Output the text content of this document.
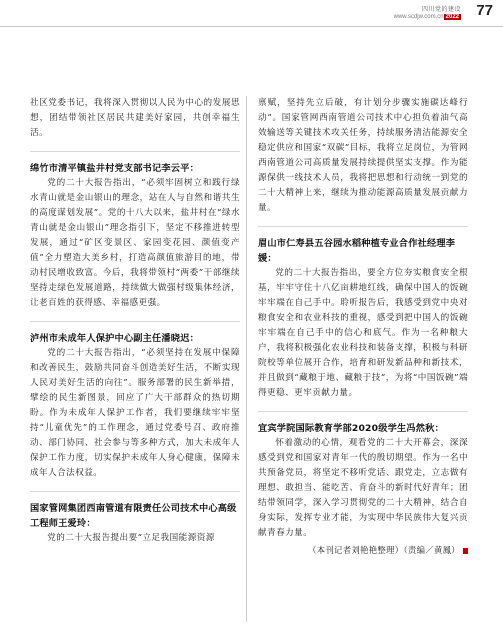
四川党的建设
www.scdjw.com.cn 2022 77

社区党委书记，我将深入贯彻以人民为中心的发展思想，团结带领社区居民共建美好家园，共创幸福生活。

绵竹市清平镇盐井村党支部书记李云平：

党的二十大报告指出，“必须牢固树立和践行绿水青山就是金山银山的理念，站在人与自然和谐共生的高度谋划发展”。党的十八大以来，盐井村在“绿水青山就是金山银山”理念指引下，坚定不移推进转型发展，通过“矿区变景区、家园变花园、颜值变产值”全力塑造大美乡村，打造高颜值旅游目的地，带动村民增收致富。今后，我将带领村“两委”干部继续坚持走绿色发展道路，持续做大做强村级集体经济，让老百姓的获得感、幸福感更强。

泸州市未成年人保护中心副主任潘晓迟：

党的二十大报告指出，“必须坚持在发展中保障和改善民生，鼓励共同奋斗创造美好生活，不断实现人民对美好生活的向往”。服务部署的民生新举措，擘绘的民生新图景，回应了广大干部群众的热切期盼。作为未成年人保护工作者，我们要继续牢牢坚持“儿童优先”的工作理念，通过党委号召、政府推动、部门协同、社会参与等多种方式，加大未成年人保护工作力度，切实保护未成年人身心健康，保障未成年人合法权益。

国家管网集团西南管道有限责任公司技术中心高级工程师王爱玲：

党的二十大报告提出要“立足我国能源资源

禀赋，坚持先立后破，有计划分步骤实施碳达峰行动”。国家管网西南管道公司技术中心担负着油气高效输送等关键技术攻关任务，持续服务清洁能源安全稳定供应和国家“双碳”目标，我将立足岗位，为管网西南管道公司高质量发展持续提供坚实支撑。作为能源保供一线技术人员，我将把思想和行动统一到党的二十大精神上来，继续为推动能源高质量发展贡献力量。

眉山市仁寿县五谷园水稻种植专业合作社经理李媛：

党的二十大报告指出，要全方位夯实粮食安全根基，牢牢守住十八亿亩耕地红线，确保中国人的饭碗牢牢端在自己手中。聆听报告后，我感受到党中央对粮食安全和农业科技的重视，感受到把中国人的饭碗牢牢端在自己手中的信心和底气。作为一名种粮大户，我将积极强化农业科技和装备支撑，积极与科研院校等单位展开合作，培育和研发新品种和新技术，并且做到“藏粮于地、藏粮于技”，为将“中国饭碗”端得更稳、更牢贡献力量。

宜宾学院国际教育学部2020级学生冯然秋：

怀着激动的心情，观看党的二十大开幕会，深深感受到党和国家对青年一代的殷切期望。作为一名中共预备党员，将坚定不移听党话、跟党走，立志做有理想、敢担当、能吃苦、肯奋斗的新时代好青年；团结带领同学，深入学习贯彻党的二十大精神，结合自身实际，发挥专业才能，为实现中华民族伟大复兴贡献青春力量。

（本刊记者刘艳艳整理）（责编／黄鳳）
